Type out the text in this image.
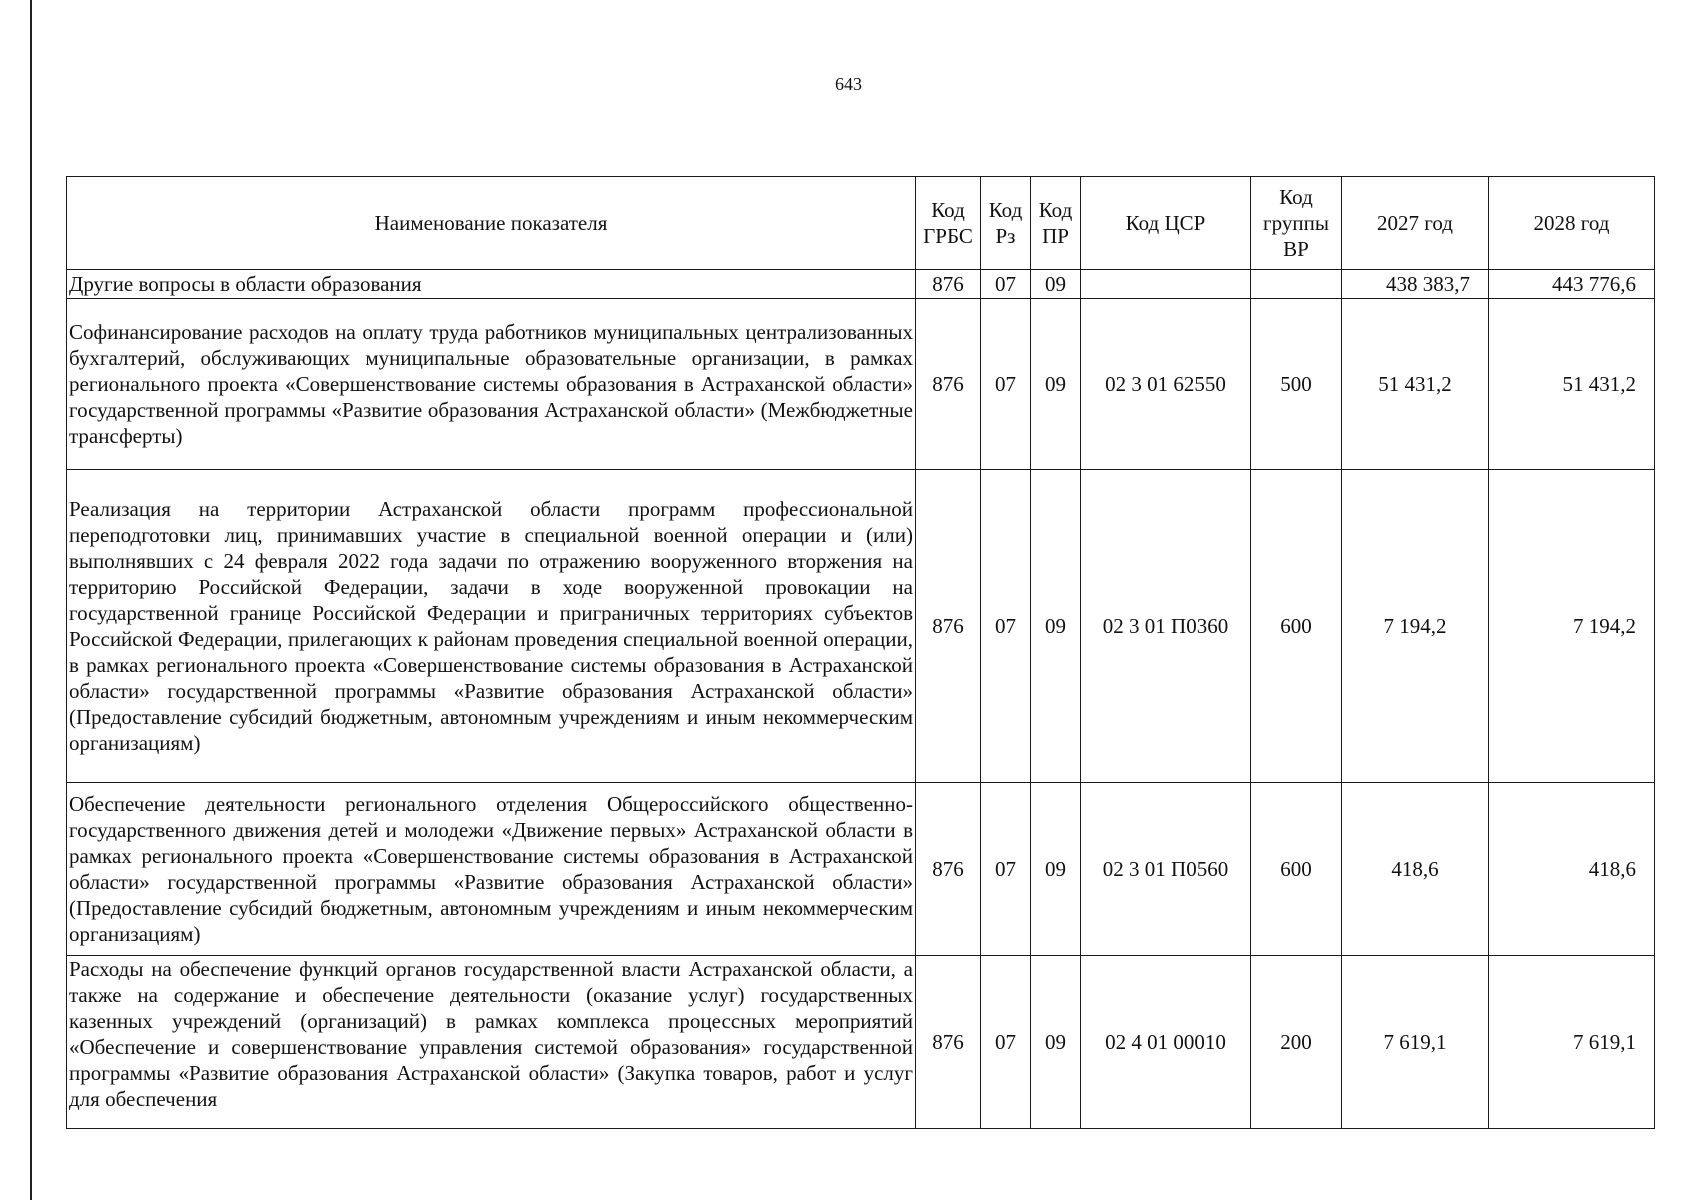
643
Наименование показателя	Код ГРБС	Код Рз	Код ПР	Код ЦСР	Код группы ВР	2027 год	2028 год
Другие вопросы в области образования	876	07	09			438 383,7	443 776,6
Софинансирование расходов на оплату труда работников муниципальных централизованных бухгалтерий, обслуживающих муниципальные образовательные организации, в рамках регионального проекта «Совершенствование системы образования в Астраханской области» государственной программы «Развитие образования Астраханской области» (Межбюджетные трансферты)	876	07	09	02 3 01 62550	500	51 431,2	51 431,2
Реализация на территории Астраханской области программ профессиональной переподготовки лиц, принимавших участие в специальной военной операции и (или) выполнявших с 24 февраля 2022 года задачи по отражению вооруженного вторжения на территорию Российской Федерации, задачи в ходе вооруженной провокации на государственной границе Российской Федерации и приграничных территориях субъектов Российской Федерации, прилегающих к районам проведения специальной военной операции, в рамках регионального проекта «Совершенствование системы образования в Астраханской области» государственной программы «Развитие образования Астраханской области» (Предоставление субсидий бюджетным, автономным учреждениям и иным некоммерческим организациям)	876	07	09	02 3 01 П0360	600	7 194,2	7 194,2
Обеспечение деятельности регионального отделения Общероссийского общественно-государственного движения детей и молодежи «Движение первых» Астраханской области в рамках регионального проекта «Совершенствование системы образования в Астраханской области» государственной программы «Развитие образования Астраханской области» (Предоставление субсидий бюджетным, автономным учреждениям и иным некоммерческим организациям)	876	07	09	02 3 01 П0560	600	418,6	418,6

Расходы на обеспечение функций органов государственной власти Астраханской области, а также на содержание и обеспечение деятельности (оказание услуг) государственных казенных учреждений (организаций) в рамках комплекса процессных мероприятий «Обеспечение и совершенствование управления системой образования» государственной программы «Развитие образования Астраханской области» (Закупка товаров, работ и услуг для обеспечения	876	07	09	02 4 01 00010	200	7 619,1	7 619,1
